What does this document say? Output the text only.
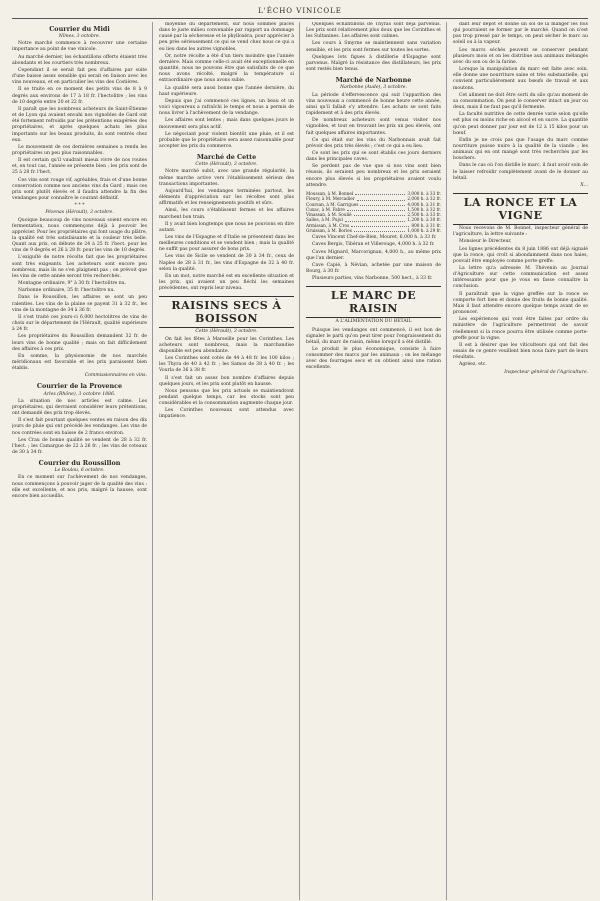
L'ÉCHO VINICOLE
Courrier du Midi
Nîmes, 3 octobre.

Notre marché commence à recouvrer une certaine importance au point de vue vinicole.

Au marché dernier, les échantillons offerts étaient très abondants et les courtiers très nombreux.

Cependant il se serait fait peu d'affaires par suite d'une baisse assez sensible qui serait en liaison avec les vins nouveaux, et en particulier les vins des Costières.

Il se traite en ce moment des petits vins de 8 à 9 degrés aux environs de 17 à 18 fr. l'hectolitre ; les vins de 10 degrés entre 20 et 22 fr.

Il paraît que les nombreux acheteurs de Saint-Étienne et de Lyon qui avaient envahi nos vignobles de Gard ont été fortement refroidis par les prétentions exagérées des propriétaires, et après quelques achats les plus importants sur les beaux produits, ils sont rentrés chez eux.

Le mouvement de ces dernières semaines a rendu les propriétaires un peu plus raisonnables.

Il est certain qu'il vaudrait mieux vivre de nos routes et, en tout cas, l'année se présente bien ; les prix sont de 25 à 28 fr. l'hect.

Ces vins sont rouge vif, agréables, frais et d'une bonne conservation comme nos anciens vins du Gard ; mais ces prix sont plutôt élevés et il faudra attendre la fin des vendanges pour connaître le courant définitif.

* * *
Pézenas (Hérault), 3 octobre.

Quoique beaucoup de vins nouveaux soient encore en fermentation, nous commençons déjà à pouvoir les apprécier. Pour les propriétaires qui font usage du plâtre, la qualité est très satisfaisante et la couleur très belle. Quant aux prix, on débute de 24 à 25 fr. l'hect. pour les vins de 9 degrés et 26 à 28 fr. pour les vins de 10 degrés.

L'exiguïté de notre récolte fait que les propriétaires sont très exigeants. Les acheteurs sont encore peu nombreux, mais ils ne s'en plaignent pas ; on prévoit que les vins de cette année seront très recherchés.

Montagne ordinaire, 9° à 30 fr. l'hectolitre nu.

Narbonne ordinaire, 35 fr. l'hectolitre nu.

Dans le Roussillon, les affaires se sont un peu ralenties. Les vins de la plaine se payent 31 à 32 fr., les vins de la montagne de 34 à 36 fr.

Il s'est traité ces jours-ci 6,000 hectolitres de vins de choix sur le département de l'Hérault, qualité supérieure à 24 fr.

Les propriétaires du Roussillon demandent 32 fr. de leurs vins de bonne qualité ; mais on fait difficilement des affaires à ces prix.

En somme, la physionomie de nos marchés méridionaux est favorable et les prix paraissent bien établis.

Commissionnaires en vins.
Courrier de la Provence
Arles (Rhône), 3 octobre 1886.

La situation de nos articles est calme. Les propriétaires, qui devraient considérer leurs prétentions, ont demandé des prix trop élevés.

Il s'est fait pourtant quelques ventes en raison des dix jours de pluie qui ont précédé les vendanges. Les vins de nos contrées sont en baisse de 2 francs environ.

Les Crau de bonne qualité se vendent de 28 à 32 fr. l'hect. ; les Camargue de 22 à 26 fr. ; les vins de coteaux de 30 à 34 fr.

Courrier du Roussillon
Le Boulou, 6 octobre.

En ce moment sur l'achèvement de nos vendanges, nous commençons à pouvoir juger de la qualité des vins : elle est excellente, et nos prix, malgré la hausse, sont encore bien accueillis.

moyenne du département, sur nous sommes placés dans le juste milieu convenable par rapport au dommage causé par la sécheresse et le phylloxéra, pour apprécier à peu près sérieusement ce qui se vend chez nous ce qui a eu lieu dans les autres vignobles.

Or, notre récolte a été d'un tiers moindre que l'année dernière. Mais comme celle-ci avait été exceptionnelle en quantité, nous ne pouvons être que satisfaits de ce que nous avons récolté, malgré la température si extraordinaire que nous avons subie.

La qualité sera aussi bonne que l'année dernière, du haut supérieure.

Depuis que j'ai commencé ces lignes, un beau et un voici vigoureux a rafraîchi le temps et nous a permis de nous livrer à l'achèvement de la vendange.

Les affaires sont lentes ; mais dans quelques jours le mouvement sera plus actif.

Le négociant pour violent bientôt une pluie, et il est probable que le propriétaire sera assez raisonnable pour accepter les prix du commerce.

Marché de Cette
Cette (Hérault), 3 octobre.

Notre marché subit, avec une grande régularité, la même marche active vers l'établissement sérieux des transactions importantes.

Aujourd'hui, les vendanges terminées partout, les éléments d'appréciation sur les récoltes sont plus affirmatifs et les renseignements positifs et sûrs.

Ainsi, les cours s'établissent fermes et les affaires marchent bon train.

Il y avait bien longtemps que nous ne pouvions en dire autant.

Les vins de l'Espagne et d'Italie se présentent dans les meilleures conditions et se vendent bien ; mais la qualité ne suffit pas pour assurer de bons prix.

Les vins de Sicile se vendent de 30 à 34 fr., ceux de Naples de 28 à 31 fr., les vins d'Espagne de 32 à 40 fr. selon la qualité.

En un mot, notre marché est en excellente situation et les prix, qui avaient un peu fléchi les semaines précédentes, ont repris leur niveau.

RAISINS SECS À BOISSON
Cette (Hérault), 3 octobre.

On fait les fêtes à Marseille pour les Corinthes. Les acheteurs sont nombreux, mais la marchandise disponible est peu abondante.

Les Corinthes sont cotés de 44 à 48 fr. les 100 kilos ; les Thyra de 40 à 42 fr. ; les Samos de 38 à 40 fr. ; les Vourla de 36 à 38 fr.

Il s'est fait un assez bon nombre d'affaires depuis quelques jours, et les prix sont plutôt en hausse.

Nous pensons que les prix actuels se maintiendront pendant quelque temps, car les stocks sont peu considérables et la consommation augmente chaque jour.

Les Corinthes nouveaux sont attendus avec impatience.

Quelques échantillons de Thyras sont déjà parvenus. Les prix sont relativement plus doux que les Corinthes et les Sultanines. Les affaires sont calmes.

Les cours à Smyrne se maintiennent sans variation sensible, et les prix sont fermes sur toutes les sortes.

Quelques lots figues à distillerie d'Espagne sont parvenus. Malgré la résistance des distillateurs, les prix sont restés bien tenus.

Marché de Narbonne
Narbonne (Aude), 3 octobre.

La période d'effervescence qui suit l'apparition des vins nouveaux a commencé de bonne heure cette année, ainsi qu'il fallait s'y attendre. Les achats se sont faits rapidement et à des prix élevés.

De nombreux acheteurs sont venus visiter nos vignobles, et tout en trouvant les prix un peu élevés, ont fait quelques affaires importantes.

Ce qui était sur les vins du Narbonnais avait fait prévoir des prix très élevés ; c'est ce qui a eu lieu.

Ce sont les prix qui se sont établis ces jours derniers dans les principales caves.

Se perdent pas de vue que si nos vins sont bien réussis, ils seraient peu nombreux et les prix seraient encore plus élevés si les propriétaires avaient voulu attendre.

Moussan, à M. Bonnel	3,000 h. à 33 fr.
Fleury, à M. Mercadier	2,000 h. à 32 fr.
Coursan, à M. Garrigues	4,000 h. à 31 fr.
Cuxac, à M. Fabre	1,500 h. à 32 fr.
Vinassan, à M. Soulié	2,500 h. à 33 fr.
Salles, à M. Pujol	1,200 h. à 30 fr.
Armissan, à M. Cros	800 h. à 31 fr.
Gruissan, à M. Bories	1,000 h. à 29 fr.

Caves Vincent Chef-de-Bien, Mouret, 6,000 h. à 33 fr.

Caves Bergis, Tibéran et Villerouge, 4,000 h. à 32 fr.

Caves Mignard, Marcorignan, 4,000 h., au même prix que l'an dernier.

Cave Capié, à Névian, achetée par une maison de Bourg, à 30 fr.

Plusieurs parties, vins Narbonne, 500 hect., à 33 fr.

LE MARC DE RAISIN
A L'ALIMENTATION DU BÉTAIL

Puisque les vendanges ont commencé, il est bon de signaler le parti qu'on peut tirer pour l'engraissement du bétail, du marc de raisin, même lorsqu'il a été distillé.

Le produit le plus économique, consiste à faire consommer des marcs par les animaux ; on les mélange avec des fourrages secs et on obtient ainsi une ration excellente.

dant leur dépôt et donné un sol de la manger les fois qui pourraient se former par le marché. Quand on n'est pas trop pressé par le temps, on peut sécher le marc au soleil ou à la vapeur.

Les marcs séchés peuvent se conserver pendant plusieurs mois et on les distribue aux animaux mélangés avec du son ou de la farine.

Lorsque la manipulation du marc est faite avec soin, elle donne une nourriture saine et très substantielle, qui convient particulièrement aux bœufs de travail et aux moutons.

Cet aliment ne doit être sorti du silo qu'au moment de sa consommation. On peut le conserver intact un jour ou deux, mais il ne faut pas qu'il fermente.

La faculté nutritive de cette denrée varie selon qu'elle est plus ou moins riche en alcool et en sucre. La quantité qu'on peut donner par jour est de 12 à 15 kilos pour un bœuf.

Enfin je ne crois pas que l'usage du marc comme nourriture puisse nuire à la qualité de la viande ; les animaux qui en ont mangé sont très recherchés par les bouchers.

Dans le cas où l'on distille le marc, il faut avoir soin de le laisser refroidir complètement avant de le donner au bétail.

X...
LA RONCE ET LA VIGNE

Nous recevons de M. Bonnet, inspecteur général de l'agriculture, la lettre suivante :

Monsieur le Directeur,

Les lignes précédentes du 8 juin 1886 ont déjà signalé que la ronce, qui croît si abondamment dans nos haies, pouvait être employée comme porte-greffe.

La lettre qu'a adressée M. Thévenin au Journal d'Agriculture sur cette communication est assez intéressante pour que je vous en fasse connaître la conclusion.

Il paraîtrait que la vigne greffée sur la ronce se comporte fort bien et donne des fruits de bonne qualité. Mais il faut attendre encore quelque temps avant de se prononcer.

Les expériences qui vont être faites par ordre du ministère de l'agriculture permettront de savoir réellement si la ronce pourra être utilisée comme porte-greffe pour la vigne.

Il est à désirer que les viticulteurs qui ont fait des essais de ce genre veuillent bien nous faire part de leurs résultats.

Agréez, etc.

Inspecteur général de l'Agriculture.
